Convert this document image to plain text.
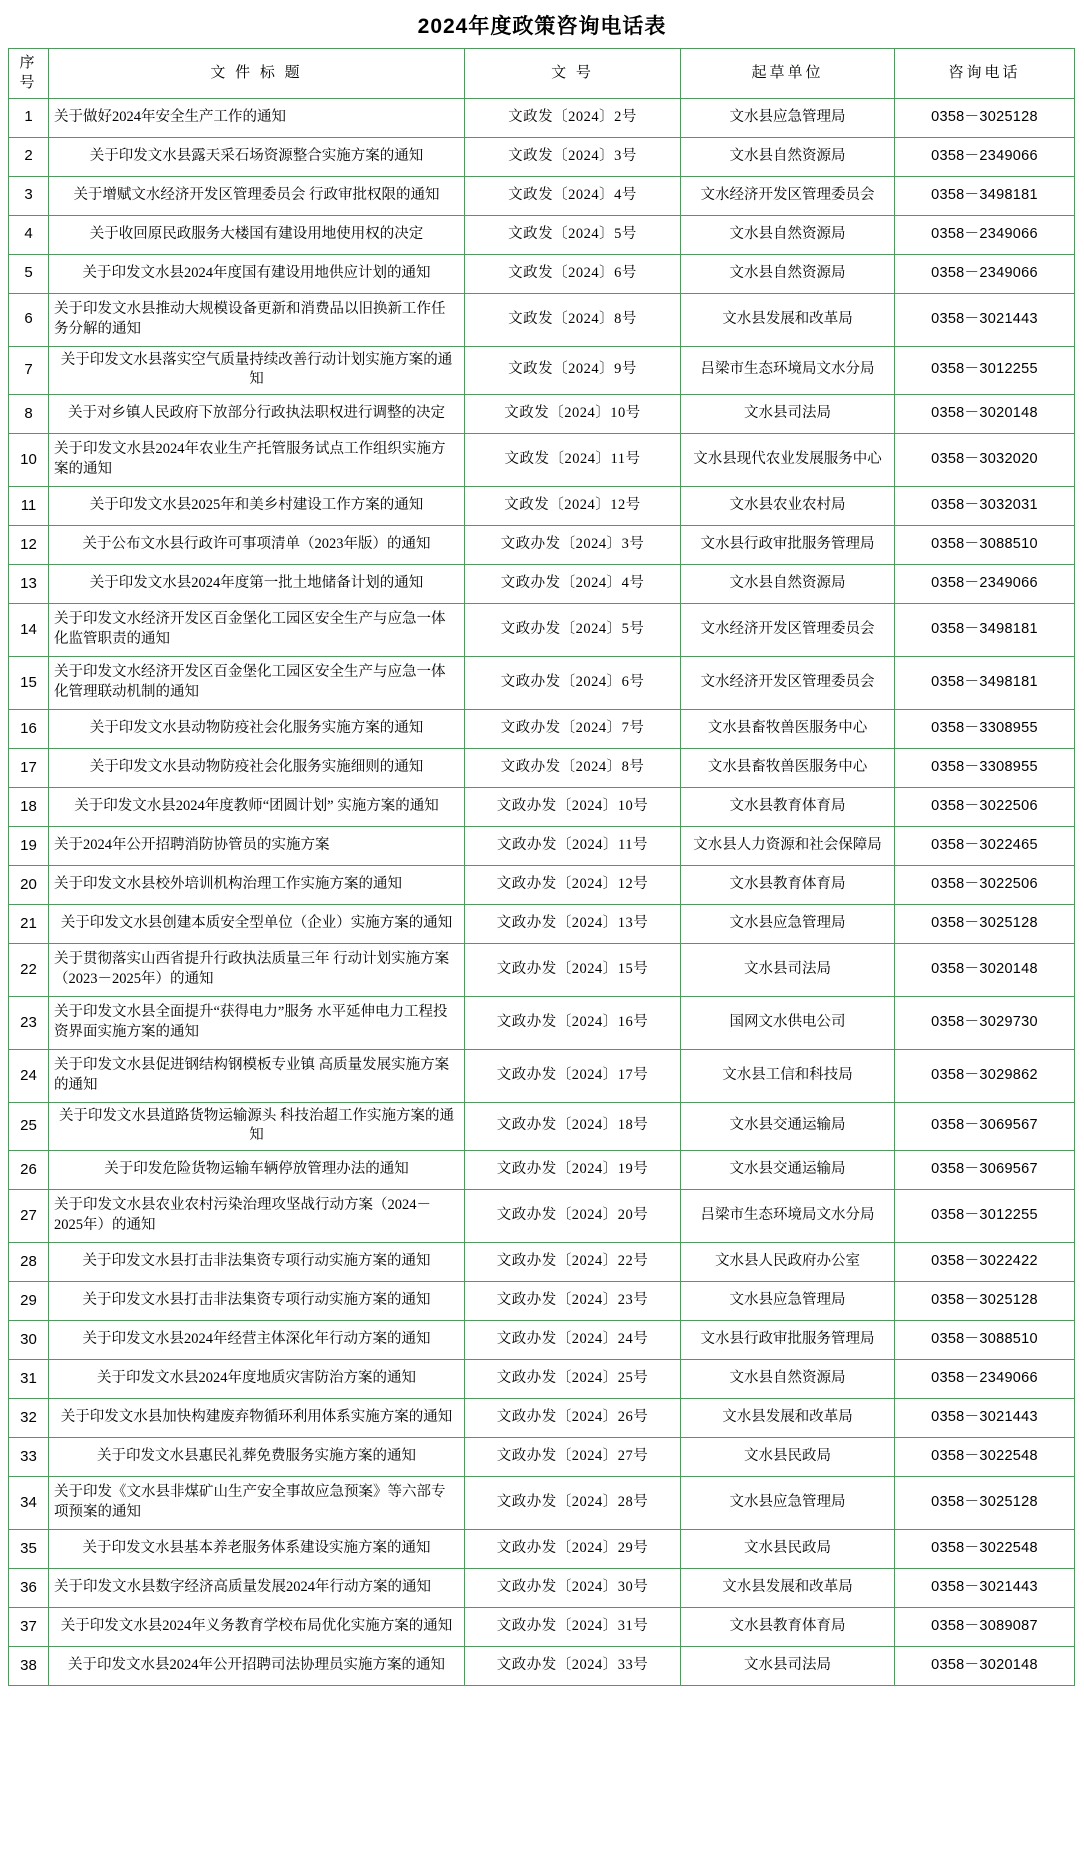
2024年度政策咨询电话表
序号	文 件 标 题	文 号	起草单位	咨询电话
1	关于做好2024年安全生产工作的通知	文政发〔2024〕2号	文水县应急管理局	0358－3025128
2	关于印发文水县露天采石场资源整合实施方案的通知	文政发〔2024〕3号	文水县自然资源局	0358－2349066
3	关于增赋文水经济开发区管理委员会 行政审批权限的通知	文政发〔2024〕4号	文水经济开发区管理委员会	0358－3498181
4	关于收回原民政服务大楼国有建设用地使用权的决定	文政发〔2024〕5号	文水县自然资源局	0358－2349066
5	关于印发文水县2024年度国有建设用地供应计划的通知	文政发〔2024〕6号	文水县自然资源局	0358－2349066
6	关于印发文水县推动大规模设备更新和消费品以旧换新工作任务分解的通知	文政发〔2024〕8号	文水县发展和改革局	0358－3021443
7	关于印发文水县落实空气质量持续改善行动计划实施方案的通知	文政发〔2024〕9号	吕梁市生态环境局文水分局	0358－3012255
8	关于对乡镇人民政府下放部分行政执法职权进行调整的决定	文政发〔2024〕10号	文水县司法局	0358－3020148
10	关于印发文水县2024年农业生产托管服务试点工作组织实施方案的通知	文政发〔2024〕11号	文水县现代农业发展服务中心	0358－3032020
11	关于印发文水县2025年和美乡村建设工作方案的通知	文政发〔2024〕12号	文水县农业农村局	0358－3032031
12	关于公布文水县行政许可事项清单（2023年版）的通知	文政办发〔2024〕3号	文水县行政审批服务管理局	0358－3088510
13	关于印发文水县2024年度第一批土地储备计划的通知	文政办发〔2024〕4号	文水县自然资源局	0358－2349066
14	关于印发文水经济开发区百金堡化工园区安全生产与应急一体化监管职责的通知	文政办发〔2024〕5号	文水经济开发区管理委员会	0358－3498181
15	关于印发文水经济开发区百金堡化工园区安全生产与应急一体化管理联动机制的通知	文政办发〔2024〕6号	文水经济开发区管理委员会	0358－3498181
16	关于印发文水县动物防疫社会化服务实施方案的通知	文政办发〔2024〕7号	文水县畜牧兽医服务中心	0358－3308955
17	关于印发文水县动物防疫社会化服务实施细则的通知	文政办发〔2024〕8号	文水县畜牧兽医服务中心	0358－3308955
18	关于印发文水县2024年度教师“团圆计划” 实施方案的通知	文政办发〔2024〕10号	文水县教育体育局	0358－3022506
19	关于2024年公开招聘消防协管员的实施方案	文政办发〔2024〕11号	文水县人力资源和社会保障局	0358－3022465
20	关于印发文水县校外培训机构治理工作实施方案的通知	文政办发〔2024〕12号	文水县教育体育局	0358－3022506
21	关于印发文水县创建本质安全型单位（企业）实施方案的通知	文政办发〔2024〕13号	文水县应急管理局	0358－3025128
22	关于贯彻落实山西省提升行政执法质量三年 行动计划实施方案（2023－2025年）的通知	文政办发〔2024〕15号	文水县司法局	0358－3020148
23	关于印发文水县全面提升“获得电力”服务 水平延伸电力工程投资界面实施方案的通知	文政办发〔2024〕16号	国网文水供电公司	0358－3029730
24	关于印发文水县促进钢结构钢模板专业镇 高质量发展实施方案的通知	文政办发〔2024〕17号	文水县工信和科技局	0358－3029862
25	关于印发文水县道路货物运输源头 科技治超工作实施方案的通知	文政办发〔2024〕18号	文水县交通运输局	0358－3069567
26	关于印发危险货物运输车辆停放管理办法的通知	文政办发〔2024〕19号	文水县交通运输局	0358－3069567
27	关于印发文水县农业农村污染治理攻坚战行动方案（2024－2025年）的通知	文政办发〔2024〕20号	吕梁市生态环境局文水分局	0358－3012255
28	关于印发文水县打击非法集资专项行动实施方案的通知	文政办发〔2024〕22号	文水县人民政府办公室	0358－3022422
29	关于印发文水县打击非法集资专项行动实施方案的通知	文政办发〔2024〕23号	文水县应急管理局	0358－3025128
30	关于印发文水县2024年经营主体深化年行动方案的通知	文政办发〔2024〕24号	文水县行政审批服务管理局	0358－3088510
31	关于印发文水县2024年度地质灾害防治方案的通知	文政办发〔2024〕25号	文水县自然资源局	0358－2349066
32	关于印发文水县加快构建废弃物循环利用体系实施方案的通知	文政办发〔2024〕26号	文水县发展和改革局	0358－3021443
33	关于印发文水县惠民礼葬免费服务实施方案的通知	文政办发〔2024〕27号	文水县民政局	0358－3022548
34	关于印发《文水县非煤矿山生产安全事故应急预案》等六部专项预案的通知	文政办发〔2024〕28号	文水县应急管理局	0358－3025128
35	关于印发文水县基本养老服务体系建设实施方案的通知	文政办发〔2024〕29号	文水县民政局	0358－3022548
36	关于印发文水县数字经济高质量发展2024年行动方案的通知	文政办发〔2024〕30号	文水县发展和改革局	0358－3021443
37	关于印发文水县2024年义务教育学校布局优化实施方案的通知	文政办发〔2024〕31号	文水县教育体育局	0358－3089087
38	关于印发文水县2024年公开招聘司法协理员实施方案的通知	文政办发〔2024〕33号	文水县司法局	0358－3020148
